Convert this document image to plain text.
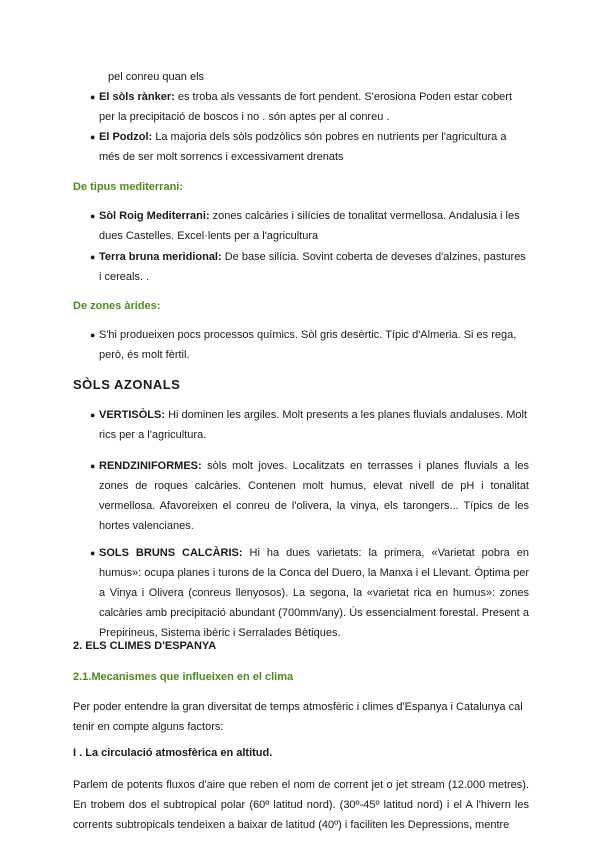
pel conreu quan els
● El sòls rànker: es troba als vessants de fort pendent. S'erosiona Poden estar cobert per la precipitació de boscos i no . són aptes per al conreu .

● El Podzol: La majoria dels sòls podzòlics són pobres en nutrients per l'agricultura a més de ser molt sorrencs i excessivament drenats

De tipus mediterrani:
● Sòl Roig Mediterrani: zones calcàries i silícies de tonalitat vermellosa. Andalusia i les dues Castelles. Excel·lents per a l'agricultura

● Terra bruna meridional: De base silícia. Sovint coberta de deveses d'alzines, pastures i cereals. .

De zones àrides:
● S'hi produeixen pocs processos químics. Sòl gris desèrtic. Típic d'Almeria. Si es rega, però, és molt fèrtil.

SÒLS AZONALS
● VERTISÒLS: Hi dominen les argiles. Molt presents a les planes fluvials andaluses. Molt rics per a l'agricultura.

● RENDZINIFORMES: sòls molt joves. Localitzats en terrasses i planes fluvials a les zones de roques calcàries. Contenen molt humus, elevat nivell de pH i tonalitat vermellosa. Afavoreixen el conreu de l'olivera, la vinya, els tarongers... Típics de les hortes valencianes.

● SOLS BRUNS CALCÀRIS: Hi ha dues varietats: la primera, «Varietat pobra en humus»: ocupa planes i turons de la Conca del Duero, la Manxa i el Llevant. Òptima per a Vinya i Olivera (conreus llenyosos). La segona, la «varietat rica en humus»: zones calcàries amb precipitació abundant (700mm/any). Ús essencialment forestal. Present a Prepirineus, Sistema ibèric i Serralades Bètiques.

2. ELS CLIMES D'ESPANYA
2.1.Mecanismes que influeixen en el clima

Per poder entendre la gran diversitat de temps atmosfèric i climes d'Espanya i Catalunya cal tenir en compte alguns factors:

I . La circulació atmosfèrica en altitud.

Parlem de potents fluxos d'aire que reben el nom de corrent jet o jet stream (12.000 metres). En trobem dos el subtropical polar (60º latitud nord). (30º-45º latitud nord) i el A l'hivern les corrents subtropicals tendeixen a baixar de latitud (40º) i faciliten les Depressions, mentre
